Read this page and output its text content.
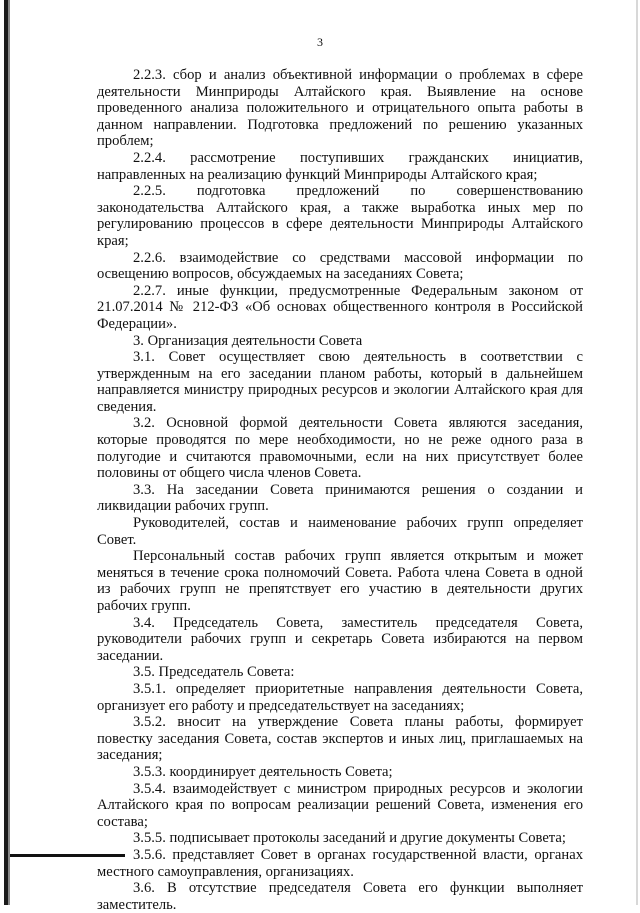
3

2.2.3. сбор и анализ объективной информации о проблемах в сфере деятельности Минприроды Алтайского края. Выявление на основе проведенного анализа положительного и отрицательного опыта работы в данном направлении. Подготовка предложений по решению указанных проблем;

2.2.4. рассмотрение поступивших гражданских инициатив, направленных на реализацию функций Минприроды Алтайского края;

2.2.5. подготовка предложений по совершенствованию законодательства Алтайского края, а также выработка иных мер по регулированию процессов в сфере деятельности Минприроды Алтайского края;

2.2.6. взаимодействие со средствами массовой информации по освещению вопросов, обсуждаемых на заседаниях Совета;

2.2.7. иные функции, предусмотренные Федеральным законом от 21.07.2014 № 212-ФЗ «Об основах общественного контроля в Российской Федерации».

3. Организация деятельности Совета

3.1. Совет осуществляет свою деятельность в соответствии с утвержденным на его заседании планом работы, который в дальнейшем направляется министру природных ресурсов и экологии Алтайского края для сведения.

3.2. Основной формой деятельности Совета являются заседания, которые проводятся по мере необходимости, но не реже одного раза в полугодие и считаются правомочными, если на них присутствует более половины от общего числа членов Совета.

3.3. На заседании Совета принимаются решения о создании и ликвидации рабочих групп.

Руководителей, состав и наименование рабочих групп определяет Совет.

Персональный состав рабочих групп является открытым и может меняться в течение срока полномочий Совета. Работа члена Совета в одной из рабочих групп не препятствует его участию в деятельности других рабочих групп.

3.4. Председатель Совета, заместитель председателя Совета, руководители рабочих групп и секретарь Совета избираются на первом заседании.

3.5. Председатель Совета:

3.5.1. определяет приоритетные направления деятельности Совета, организует его работу и председательствует на заседаниях;

3.5.2. вносит на утверждение Совета планы работы, формирует повестку заседания Совета, состав экспертов и иных лиц, приглашаемых на заседания;

3.5.3. координирует деятельность Совета;

3.5.4. взаимодействует с министром природных ресурсов и экологии Алтайского края по вопросам реализации решений Совета, изменения его состава;

3.5.5. подписывает протоколы заседаний и другие документы Совета;

3.5.6. представляет Совет в органах государственной власти, органах местного самоуправления, организациях.

3.6. В отсутствие председателя Совета его функции выполняет заместитель.
